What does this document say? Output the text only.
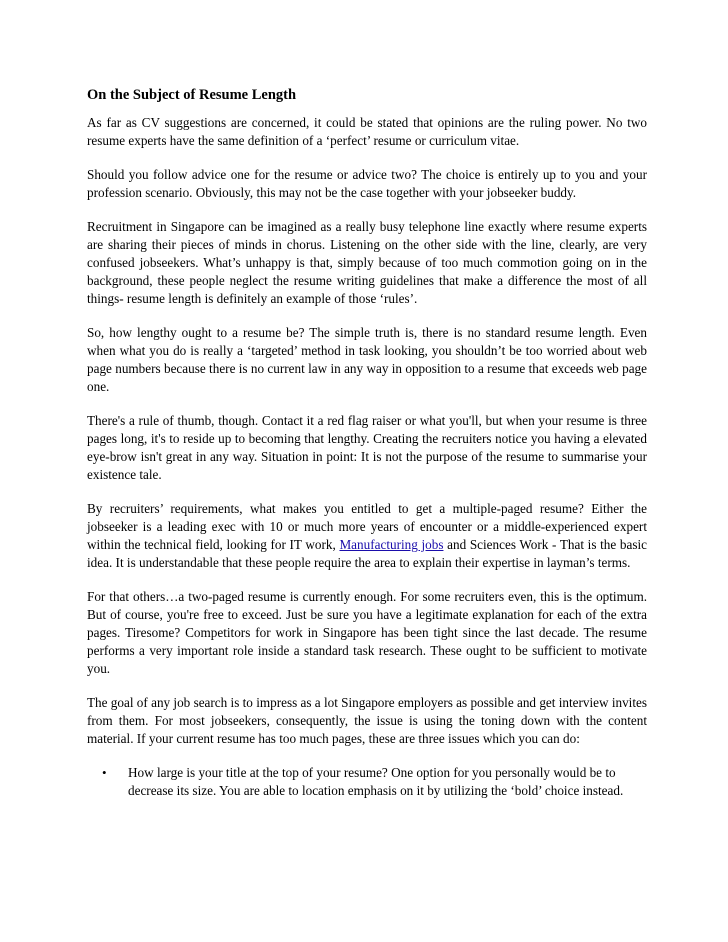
On the Subject of Resume Length

As far as CV suggestions are concerned, it could be stated that opinions are the ruling power. No two resume experts have the same definition of a ‘perfect’ resume or curriculum vitae.

Should you follow advice one for the resume or advice two? The choice is entirely up to you and your profession scenario. Obviously, this may not be the case together with your jobseeker buddy.

Recruitment in Singapore can be imagined as a really busy telephone line exactly where resume experts are sharing their pieces of minds in chorus. Listening on the other side with the line, clearly, are very confused jobseekers. What’s unhappy is that, simply because of too much commotion going on in the background, these people neglect the resume writing guidelines that make a difference the most of all things- resume length is definitely an example of those ‘rules’.

So, how lengthy ought to a resume be? The simple truth is, there is no standard resume length. Even when what you do is really a ‘targeted’ method in task looking, you shouldn’t be too worried about web page numbers because there is no current law in any way in opposition to a resume that exceeds web page one.

There's a rule of thumb, though. Contact it a red flag raiser or what you'll, but when your resume is three pages long, it's to reside up to becoming that lengthy. Creating the recruiters notice you having a elevated eye-brow isn't great in any way. Situation in point: It is not the purpose of the resume to summarise your existence tale.

By recruiters’ requirements, what makes you entitled to get a multiple-paged resume? Either the jobseeker is a leading exec with 10 or much more years of encounter or a middle-experienced expert within the technical field, looking for IT work, Manufacturing jobs and Sciences Work - That is the basic idea. It is understandable that these people require the area to explain their expertise in layman’s terms.

For that others…a two-paged resume is currently enough. For some recruiters even, this is the optimum. But of course, you're free to exceed. Just be sure you have a legitimate explanation for each of the extra pages. Tiresome? Competitors for work in Singapore has been tight since the last decade. The resume performs a very important role inside a standard task research. These ought to be sufficient to motivate you.

The goal of any job search is to impress as a lot Singapore employers as possible and get interview invites from them. For most jobseekers, consequently, the issue is using the toning down with the content material. If your current resume has too much pages, these are three issues which you can do:

• How large is your title at the top of your resume? One option for you personally would be to decrease its size. You are able to location emphasis on it by utilizing the ‘bold’ choice instead.
